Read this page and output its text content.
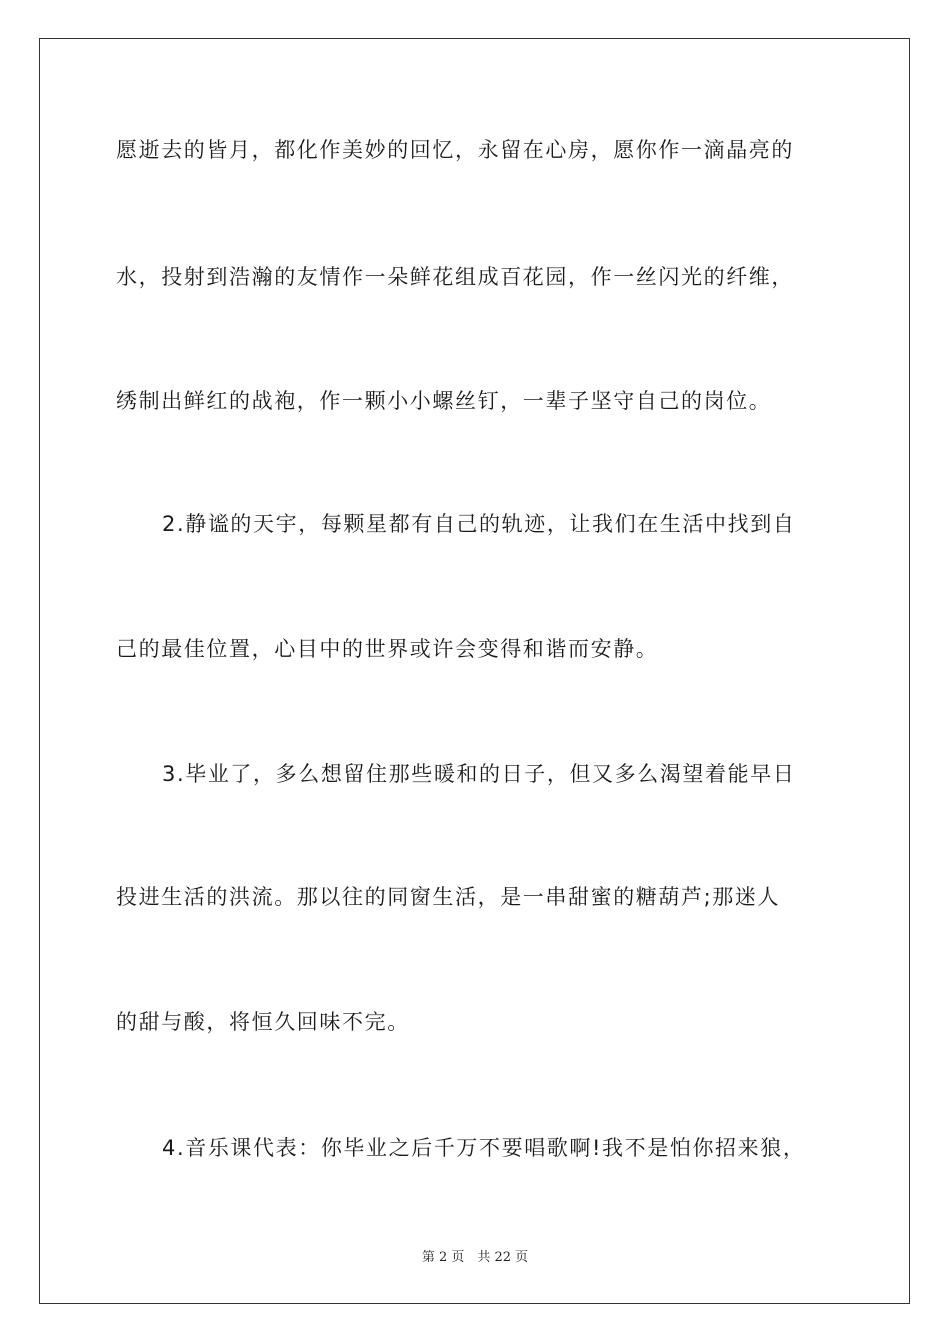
愿逝去的皆月，都化作美妙的回忆，永留在心房，愿你作一滴晶亮的
水，投射到浩瀚的友情作一朵鲜花组成百花园，作一丝闪光的纤维，
绣制出鲜红的战袍，作一颗小小螺丝钉，一辈子坚守自己的岗位。
2.静谧的天宇，每颗星都有自己的轨迹，让我们在生活中找到自
己的最佳位置，心目中的世界或许会变得和谐而安静。
3.毕业了，多么想留住那些暖和的日子，但又多么渴望着能早日
投进生活的洪流。那以往的同窗生活，是一串甜蜜的糖葫芦;那迷人
的甜与酸，将恒久回味不完。
4.音乐课代表：你毕业之后千万不要唱歌啊!我不是怕你招来狼，
第 2 页　共 22 页
